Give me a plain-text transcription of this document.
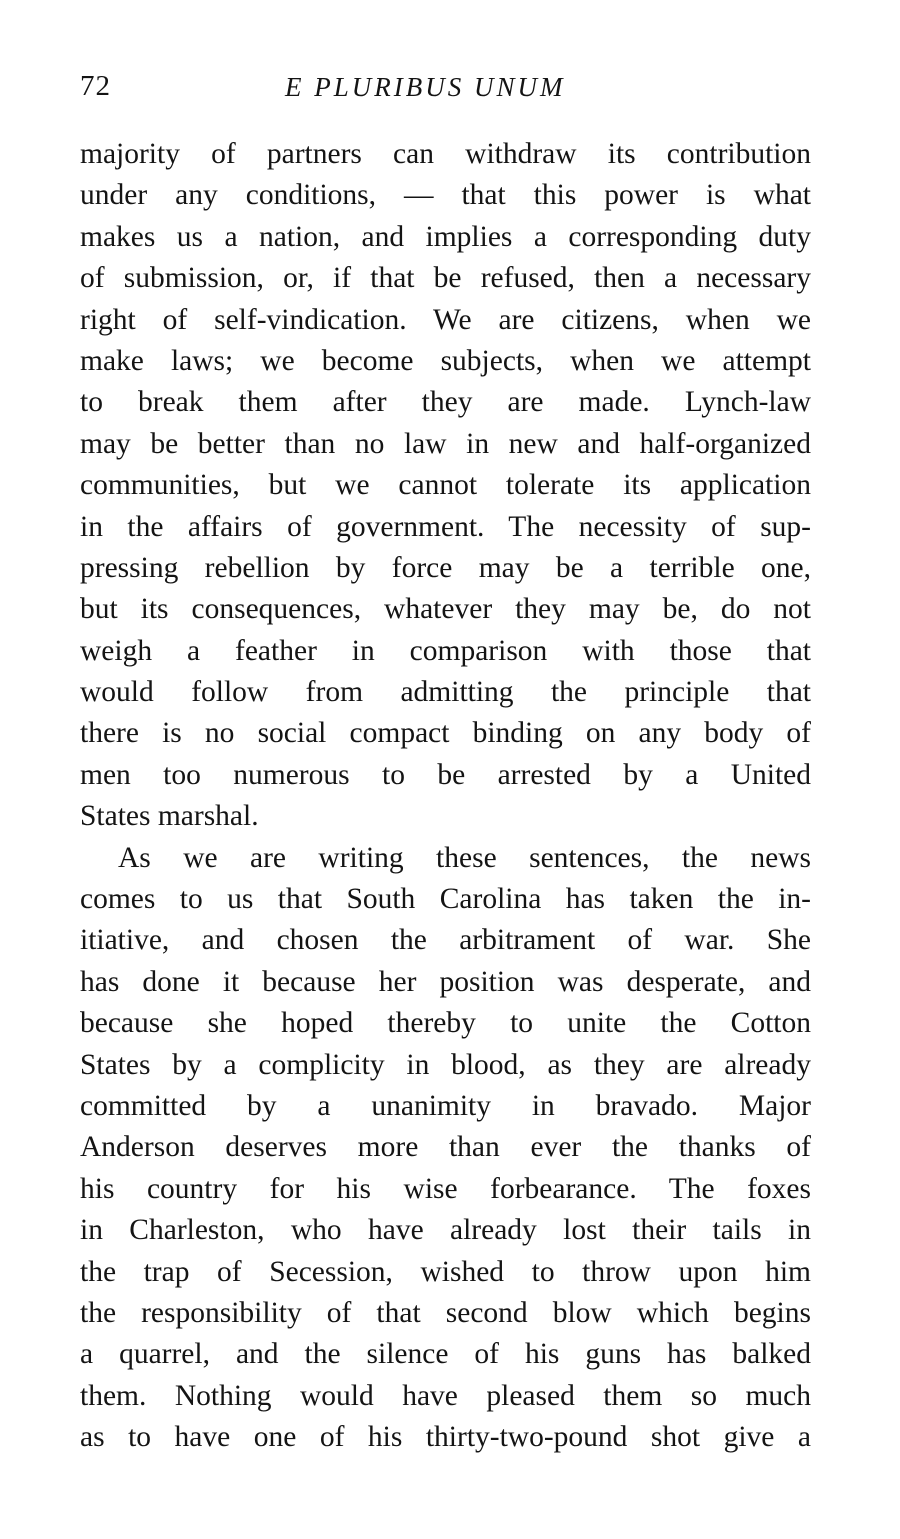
72	E PLURIBUS UNUM
majority of partners can withdraw its contribution
under any conditions, — that this power is what
makes us a nation, and implies a corresponding duty
of submission, or, if that be refused, then a necessary
right of self-vindication. We are citizens, when we
make laws; we become subjects, when we attempt
to break them after they are made. Lynch-law
may be better than no law in new and half-organized
communities, but we cannot tolerate its application
in the affairs of government. The necessity of sup-
pressing rebellion by force may be a terrible one,
but its consequences, whatever they may be, do not
weigh a feather in comparison with those that
would follow from admitting the principle that
there is no social compact binding on any body of
men too numerous to be arrested by a United
States marshal.
As we are writing these sentences, the news
comes to us that South Carolina has taken the in-
itiative, and chosen the arbitrament of war. She
has done it because her position was desperate, and
because she hoped thereby to unite the Cotton
States by a complicity in blood, as they are already
committed by a unanimity in bravado. Major
Anderson deserves more than ever the thanks of
his country for his wise forbearance. The foxes
in Charleston, who have already lost their tails in
the trap of Secession, wished to throw upon him
the responsibility of that second blow which begins
a quarrel, and the silence of his guns has balked
them. Nothing would have pleased them so much
as to have one of his thirty-two-pound shot give a
